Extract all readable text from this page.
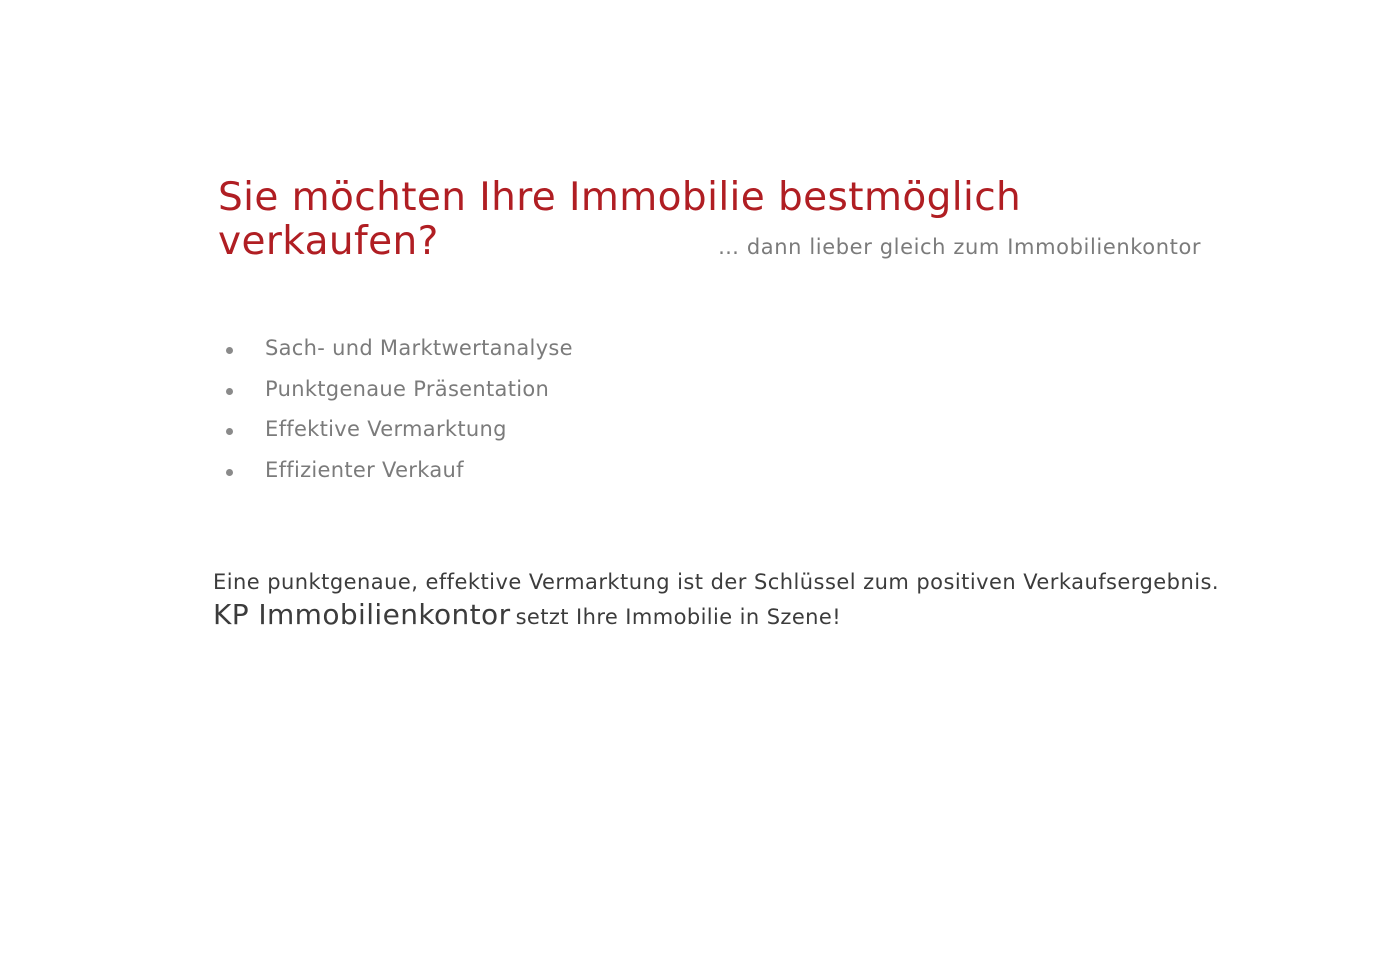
Sie möchten Ihre Immobilie bestmöglich
verkaufen?	… dann lieber gleich zum Immobilienkontor
Sach- und Marktwertanalyse
Punktgenaue Präsentation
Effektive Vermarktung
Effizienter Verkauf
Eine punktgenaue, effektive Vermarktung ist der Schlüssel zum positiven Verkaufsergebnis.
KP Immobilienkontor setzt Ihre Immobilie in Szene!
